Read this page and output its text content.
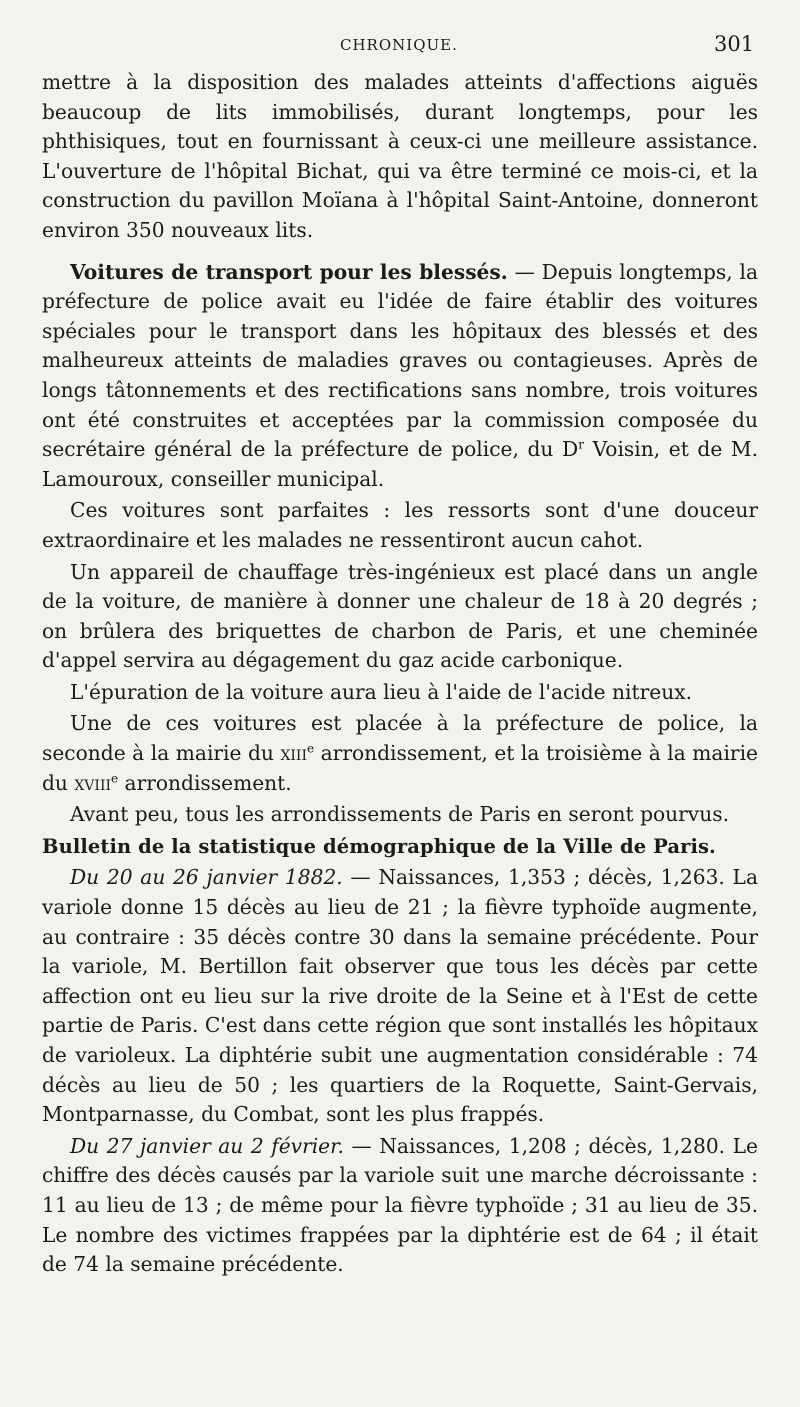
CHRONIQUE.	301

mettre à la disposition des malades atteints d'affections aiguës beaucoup de lits immobilisés, durant longtemps, pour les phthisiques, tout en fournissant à ceux-ci une meilleure assistance. L'ouverture de l'hôpital Bichat, qui va être terminé ce mois-ci, et la construction du pavillon Moïana à l'hôpital Saint-Antoine, donneront environ 350 nouveaux lits.

Voitures de transport pour les blessés. — Depuis longtemps, la préfecture de police avait eu l'idée de faire établir des voitures spéciales pour le transport dans les hôpitaux des blessés et des malheureux atteints de maladies graves ou contagieuses. Après de longs tâtonnements et des rectifications sans nombre, trois voitures ont été construites et acceptées par la commission composée du secrétaire général de la préfecture de police, du $D^r$ Voisin, et de M. Lamouroux, conseiller municipal.

Ces voitures sont parfaites : les ressorts sont d'une douceur extraordinaire et les malades ne ressentiront aucun cahot.

Un appareil de chauffage très-ingénieux est placé dans un angle de la voiture, de manière à donner une chaleur de 18 à 20 degrés ; on brûlera des briquettes de charbon de Paris, et une cheminée d'appel servira au dégagement du gaz acide carbonique.

L'épuration de la voiture aura lieu à l'aide de l'acide nitreux.

Une de ces voitures est placée à la préfecture de police, la seconde à la mairie du xiii$^e$ arrondissement, et la troisième à la mairie du xviii$^e$ arrondissement.

Avant peu, tous les arrondissements de Paris en seront pourvus.

Bulletin de la statistique démographique de la Ville de Paris.

Du 20 au 26 janvier 1882. — Naissances, 1,353 ; décès, 1,263. La variole donne 15 décès au lieu de 21 ; la fièvre typhoïde augmente, au contraire : 35 décès contre 30 dans la semaine précédente. Pour la variole, M. Bertillon fait observer que tous les décès par cette affection ont eu lieu sur la rive droite de la Seine et à l'Est de cette partie de Paris. C'est dans cette région que sont installés les hôpitaux de varioleux. La diphtérie subit une augmentation considérable : 74 décès au lieu de 50 ; les quartiers de la Roquette, Saint-Gervais, Montparnasse, du Combat, sont les plus frappés.

Du 27 janvier au 2 février. — Naissances, 1,208 ; décès, 1,280. Le chiffre des décès causés par la variole suit une marche décroissante : 11 au lieu de 13 ; de même pour la fièvre typhoïde ; 31 au lieu de 35. Le nombre des victimes frappées par la diphtérie est de 64 ; il était de 74 la semaine précédente.
